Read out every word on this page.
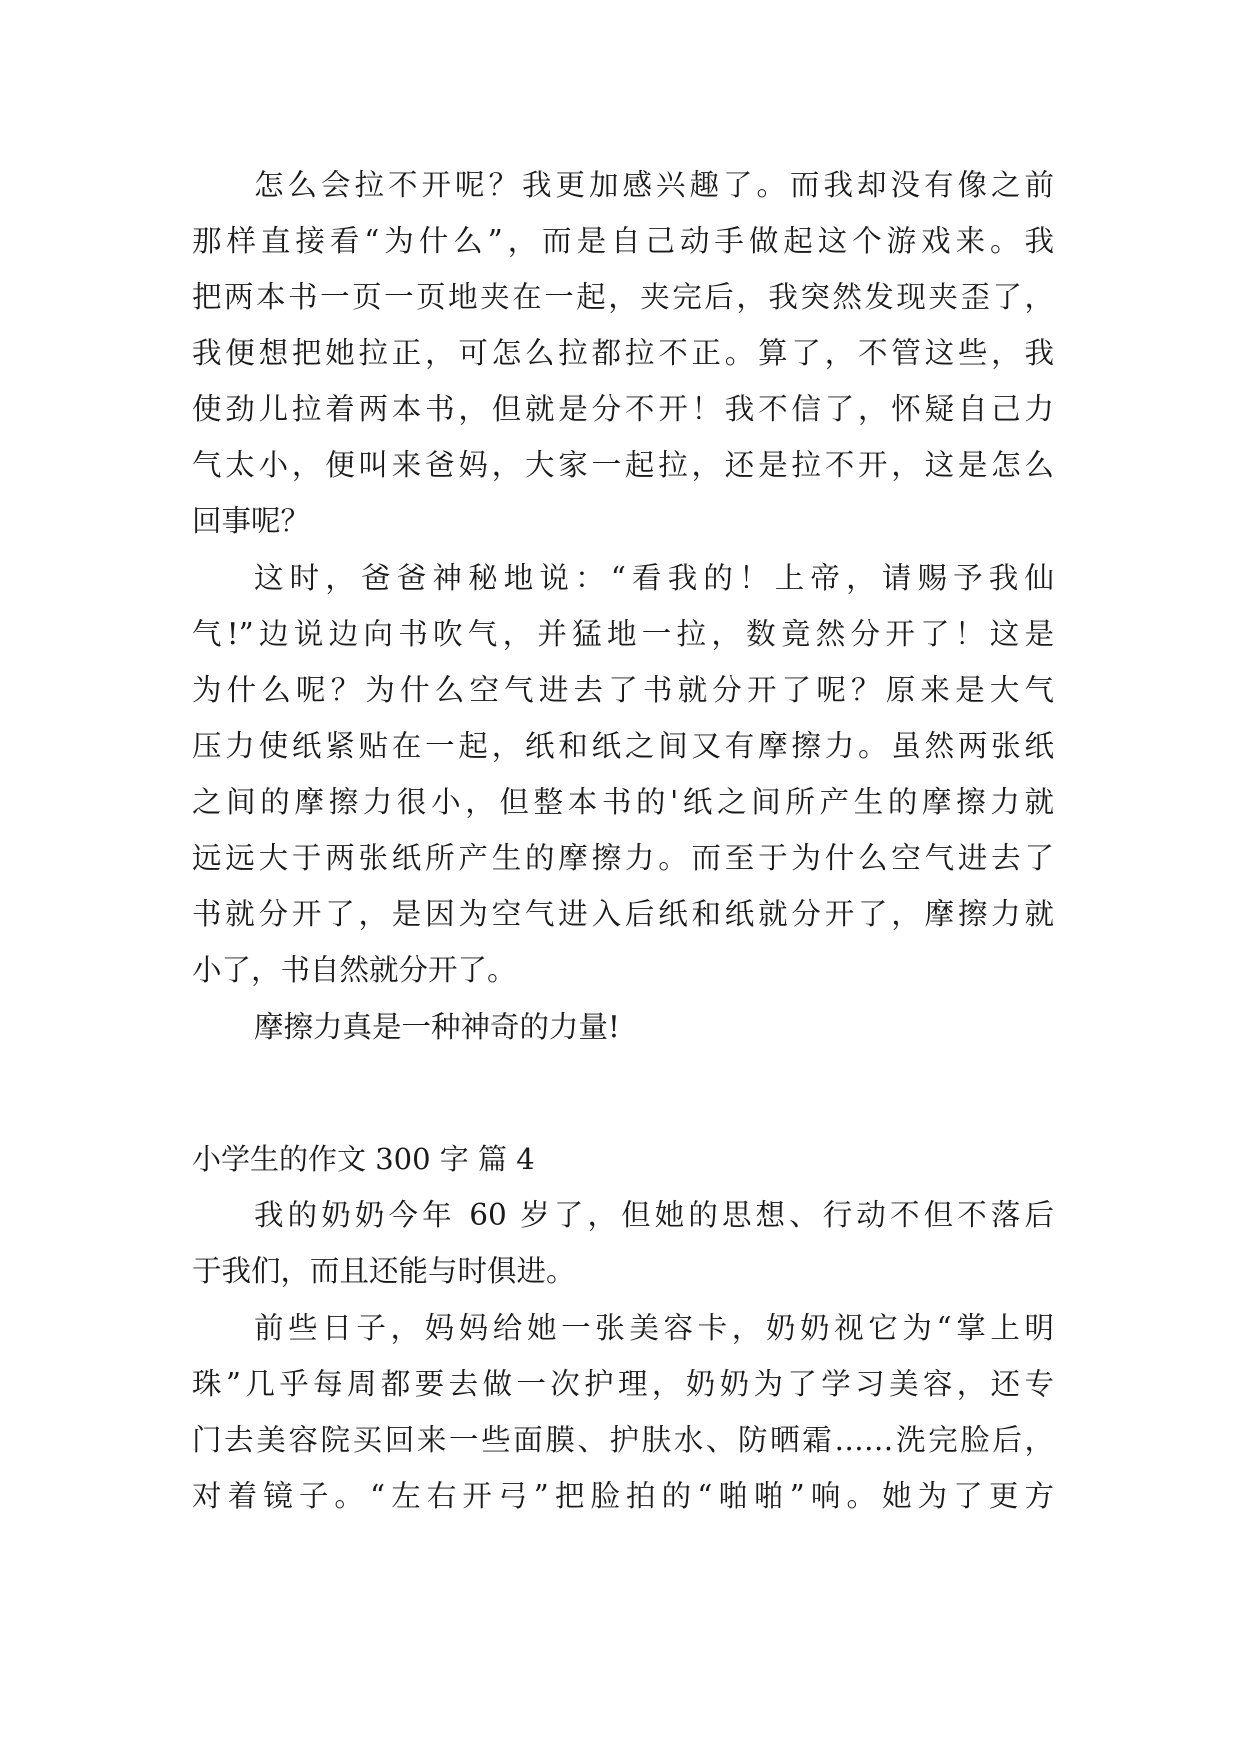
怎么会拉不开呢？我更加感兴趣了。而我却没有像之前
那样直接看“为什么”，而是自己动手做起这个游戏来。我
把两本书一页一页地夹在一起，夹完后，我突然发现夹歪了，
我便想把她拉正，可怎么拉都拉不正。算了，不管这些，我
使劲儿拉着两本书，但就是分不开！我不信了，怀疑自己力
气太小，便叫来爸妈，大家一起拉，还是拉不开，这是怎么
回事呢？
这时，爸爸神秘地说：“看我的！上帝，请赐予我仙
气!”边说边向书吹气，并猛地一拉，数竟然分开了！这是
为什么呢？为什么空气进去了书就分开了呢？原来是大气
压力使纸紧贴在一起，纸和纸之间又有摩擦力。虽然两张纸
之间的摩擦力很小，但整本书的'纸之间所产生的摩擦力就
远远大于两张纸所产生的摩擦力。而至于为什么空气进去了
书就分开了，是因为空气进入后纸和纸就分开了，摩擦力就
小了，书自然就分开了。
摩擦力真是一种神奇的力量!
小学生的作文 300 字 篇 4
我的奶奶今年 60 岁了，但她的思想、行动不但不落后
于我们，而且还能与时俱进。
前些日子，妈妈给她一张美容卡，奶奶视它为“掌上明
珠”几乎每周都要去做一次护理，奶奶为了学习美容，还专
门去美容院买回来一些面膜、护肤水、防晒霜……洗完脸后，
对着镜子。“左右开弓”把脸拍的“啪啪”响。她为了更方
